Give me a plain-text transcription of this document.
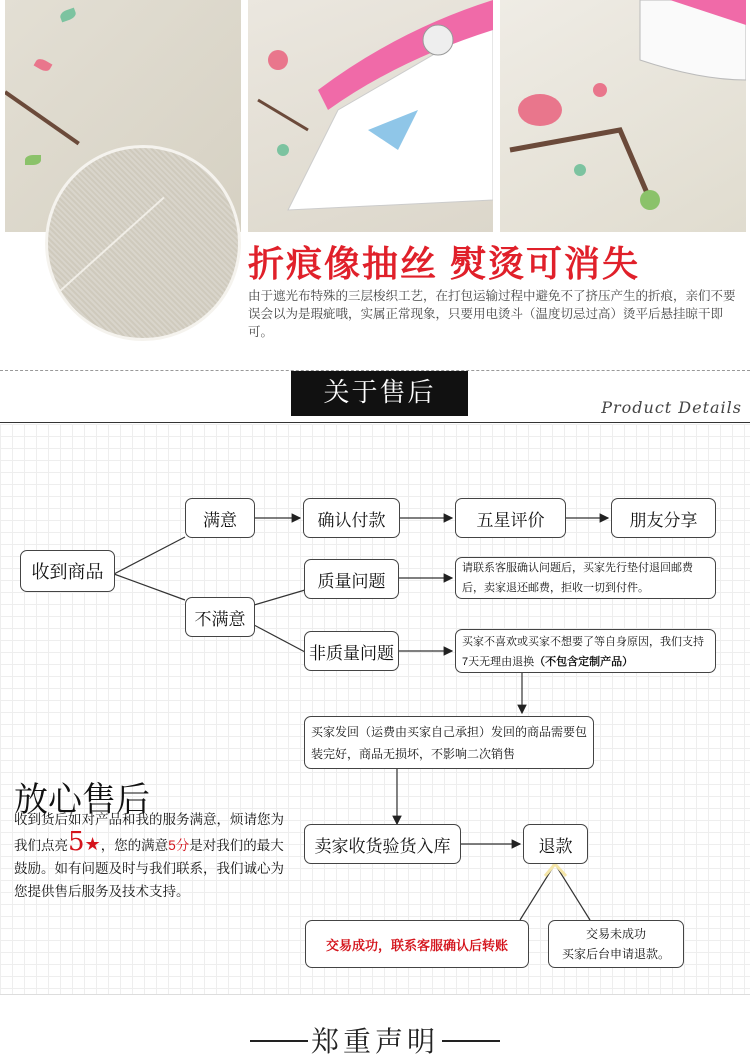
折痕像抽丝 熨烫可消失
由于遮光布特殊的三层梭织工艺，在打包运输过程中避免不了挤压产生的折痕，亲们不要误会以为是瑕疵哦，实属正常现象，只要用电烫斗（温度切忌过高）烫平后悬挂晾干即可。
关于售后	Product Details
收到商品
满意	确认付款	五星评价	朋友分享
不满意
质量问题
非质量问题
请联系客服确认问题后，买家先行垫付退回邮费后，卖家退还邮费，拒收一切到付件。
买家不喜欢或买家不想要了等自身原因，我们支持7天无理由退换（不包含定制产品）
买家发回（运费由买家自己承担）发回的商品需要包装完好，商品无损坏，不影响二次销售
卖家收货验货入库	退款
交易成功，联系客服确认后转账
交易未成功
买家后台申请退款。
放心售后
收到货后如对产品和我的服务满意，烦请您为我们点亮5★，您的满意5分是对我们的最大鼓励。如有问题及时与我们联系，我们诚心为您提供售后服务及技术支持。
郑重声明
